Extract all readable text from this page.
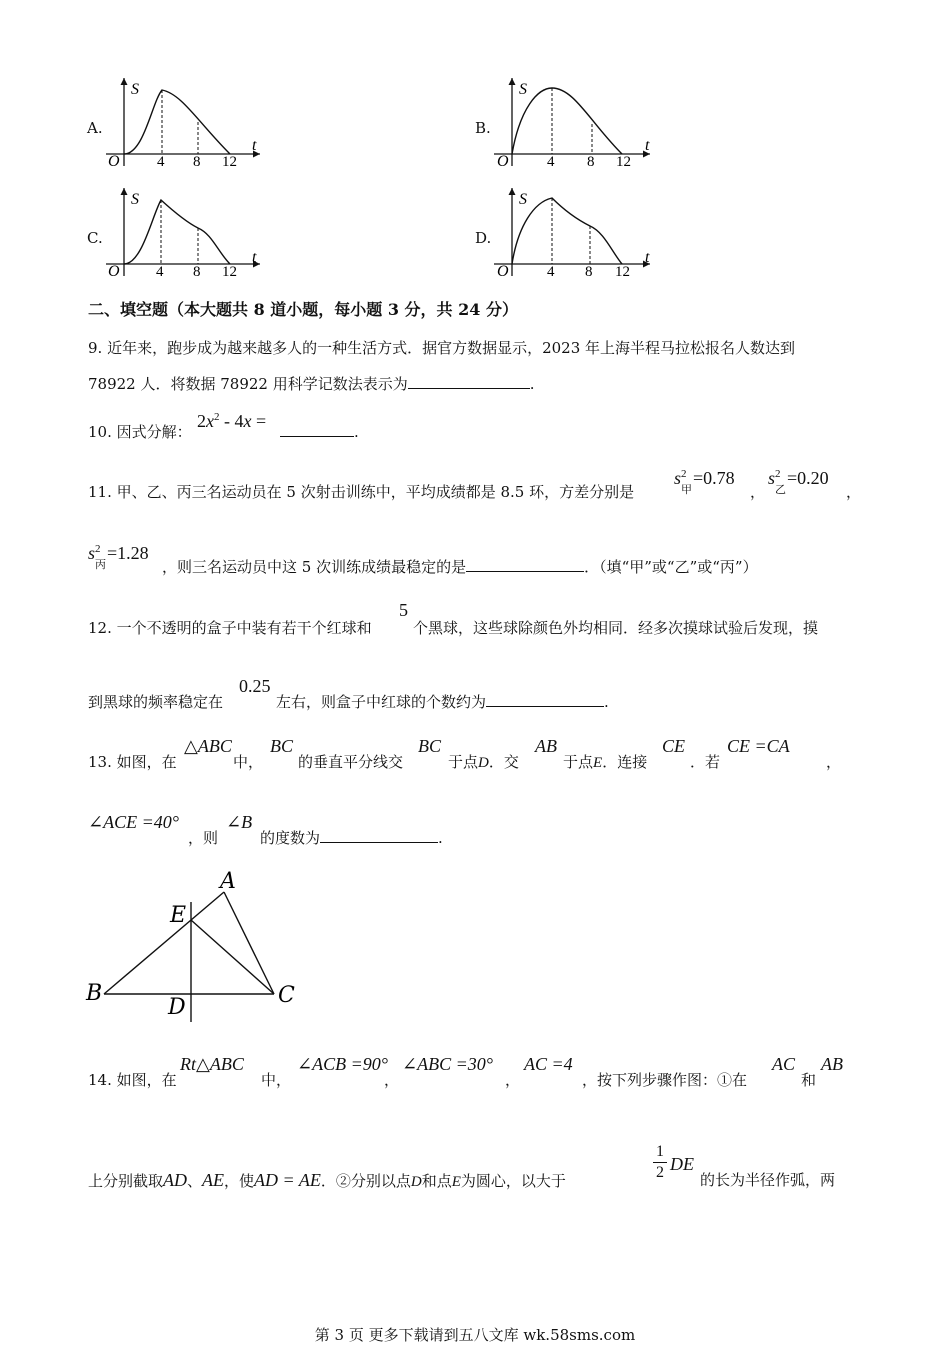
A.
S
t
O 4 8 12
B.
S
t
O	4 8 12
C.
S
t
O 4 8 12
D.
S
t
O	4 8 12
二、填空题（本大题共 8 道小题，每小题 3 分，共 24 分）
9. 近年来，跑步成为越来越多人的一种生活方式．据官方数据显示，2023 年上海半程马拉松报名人数达到
78922 人．将数据 78922 用科学记数法表示为	.
10. 因式分解：
$2x^2 - 4x$ =
.
11. 甲、乙、丙三名运动员在 5 次射击训练中，平均成绩都是 8.5 环，方差分别是
s 2
甲
=0.78
，
s 2
乙
=0.20
，
s 2
丙
=1.28
，则三名运动员中这 5 次训练成绩最稳定的是	．（填“甲”或“乙”或“丙”）
12. 一个不透明的盒子中装有若干个红球和
5
个黑球，这些球除颜色外均相同．经多次摸球试验后发现，摸
到黑球的频率稳定在
0.25
左右，则盒子中红球的个数约为	.
13. 如图，在
△ABC
中，
BC
的垂直平分线交
BC
于点D．交
AB
于点E．连接
CE
．若
CE =CA
，
∠ACE =40°
，则
∠B
的度数为	.
A
B	C
D
E
14. 如图，在
Rt△ABC
中，
∠ACB =90°
，
∠ABC =30°
，
AC =4
，按下列步骤作图：①在
AC
和
AB
上分别截取AD、AE，使AD = AE．②分别以点D和点E为圆心，以大于	$\frac{1}{2}$ DE
的长为半径作弧，两
第 3 页 更多下载请到五八文库 wk.58sms.com
